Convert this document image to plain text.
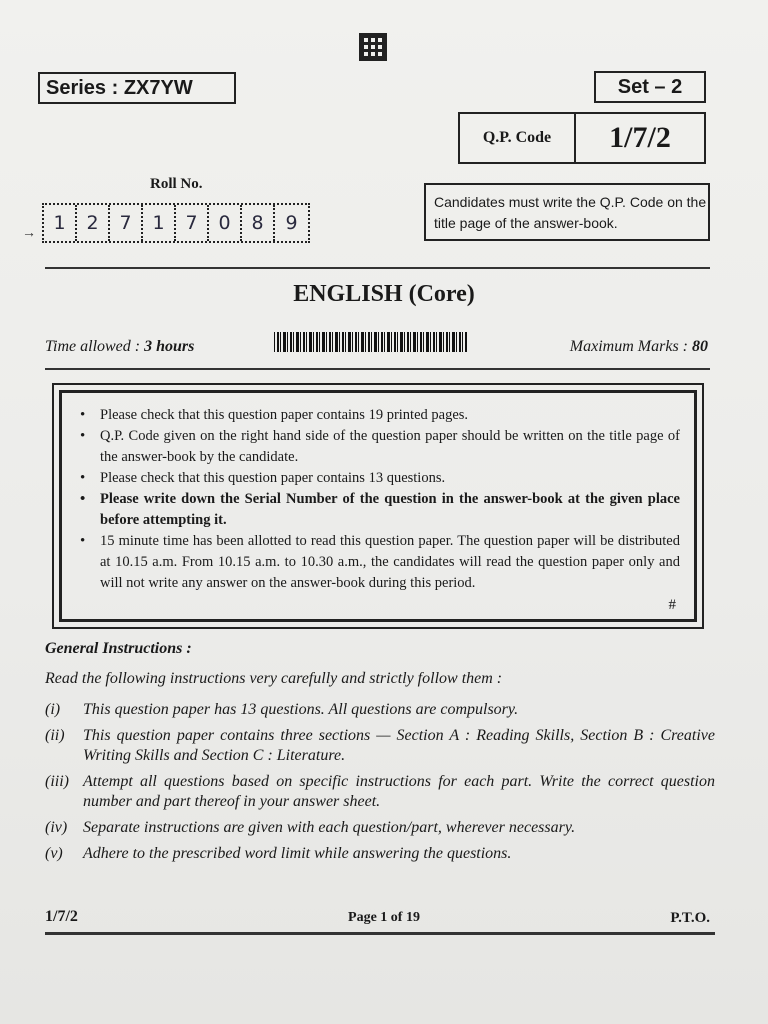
Series : ZX7YW	Set – 2
Q.P. Code	1/7/2
Roll No.
→ 1	2	7	1	7	0	8	9
Candidates must write the Q.P. Code on the title page of the answer-book.
ENGLISH (Core)
Time allowed : 3 hours	Maximum Marks : 80
• Please check that this question paper contains 19 printed pages.
• Q.P. Code given on the right hand side of the question paper should be written on the title page of the answer-book by the candidate.
• Please check that this question paper contains 13 questions.
• Please write down the Serial Number of the question in the answer-book at the given place before attempting it.
• 15 minute time has been allotted to read this question paper. The question paper will be distributed at 10.15 a.m. From 10.15 a.m. to 10.30 a.m., the candidates will read the question paper only and will not write any answer on the answer-book during this period.
#
General Instructions :
Read the following instructions very carefully and strictly follow them :
(i)	This question paper has 13 questions. All questions are compulsory.
(ii)	This question paper contains three sections — Section A : Reading Skills, Section B : Creative Writing Skills and Section C : Literature.
(iii) Attempt all questions based on specific instructions for each part. Write the correct question number and part thereof in your answer sheet.
(iv) Separate instructions are given with each question/part, wherever necessary.
(v)	Adhere to the prescribed word limit while answering the questions.
1/7/2	Page 1 of 19	P.T.O.
